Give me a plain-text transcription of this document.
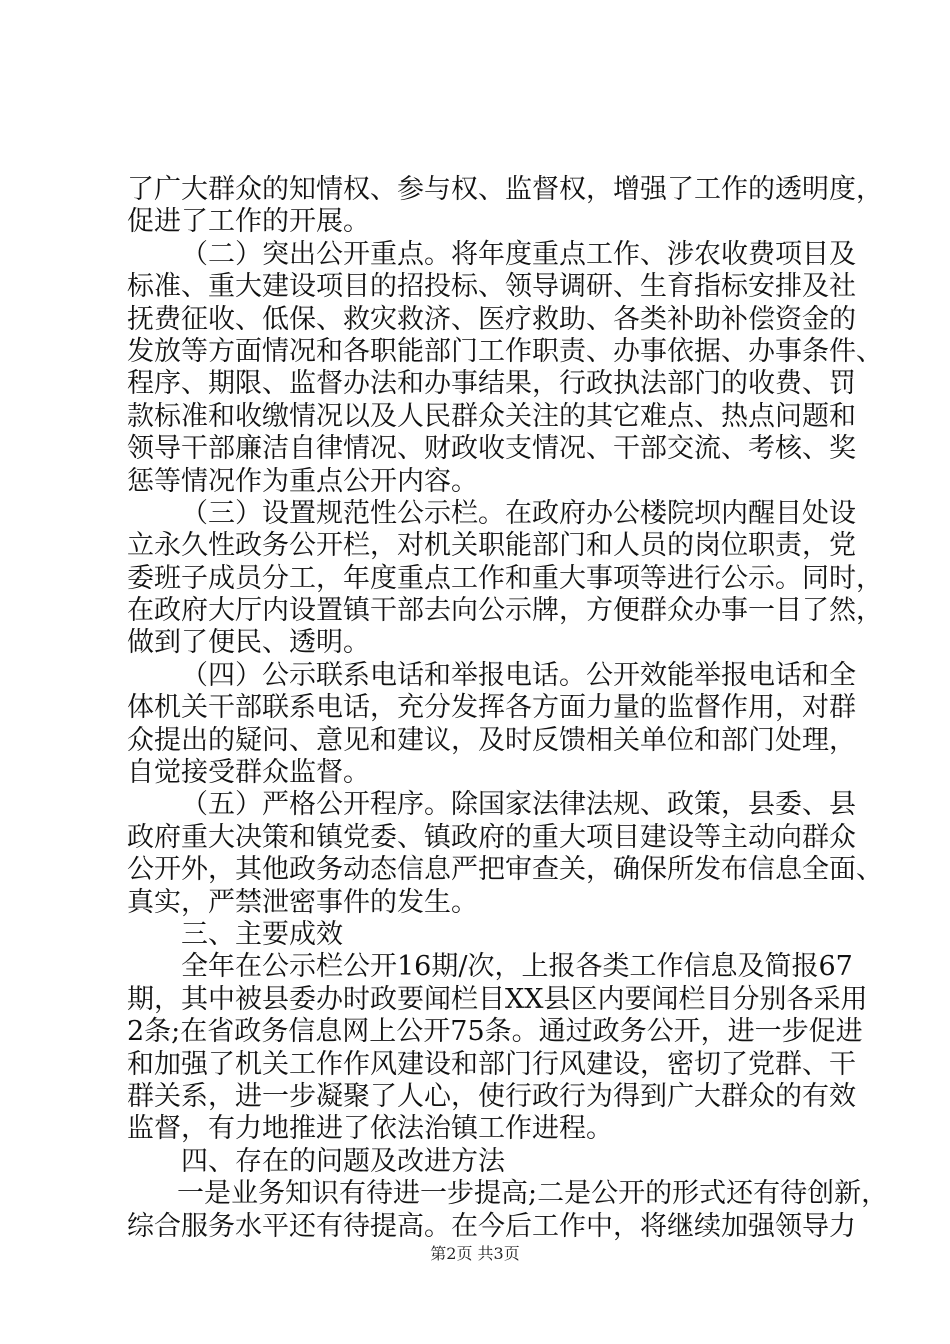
了广大群众的知情权、参与权、监督权，增强了工作的透明度，
促进了工作的开展。
（二）突出公开重点。将年度重点工作、涉农收费项目及
标准、重大建设项目的招投标、领导调研、生育指标安排及社
抚费征收、低保、救灾救济、医疗救助、各类补助补偿资金的
发放等方面情况和各职能部门工作职责、办事依据、办事条件、
程序、期限、监督办法和办事结果，行政执法部门的收费、罚
款标准和收缴情况以及人民群众关注的其它难点、热点问题和
领导干部廉洁自律情况、财政收支情况、干部交流、考核、奖
惩等情况作为重点公开内容。
（三）设置规范性公示栏。在政府办公楼院坝内醒目处设
立永久性政务公开栏，对机关职能部门和人员的岗位职责，党
委班子成员分工，年度重点工作和重大事项等进行公示。同时，
在政府大厅内设置镇干部去向公示牌，方便群众办事一目了然，
做到了便民、透明。
（四）公示联系电话和举报电话。公开效能举报电话和全
体机关干部联系电话，充分发挥各方面力量的监督作用，对群
众提出的疑问、意见和建议，及时反馈相关单位和部门处理，
自觉接受群众监督。
（五）严格公开程序。除国家法律法规、政策，县委、县
政府重大决策和镇党委、镇政府的重大项目建设等主动向群众
公开外，其他政务动态信息严把审查关，确保所发布信息全面、
真实，严禁泄密事件的发生。
三、主要成效
全年在公示栏公开16期/次，上报各类工作信息及简报67
期，其中被县委办时政要闻栏目XX县区内要闻栏目分别各采用
2条;在省政务信息网上公开75条。通过政务公开，进一步促进
和加强了机关工作作风建设和部门行风建设，密切了党群、干
群关系，进一步凝聚了人心，使行政行为得到广大群众的有效
监督，有力地推进了依法治镇工作进程。
四、存在的问题及改进方法
一是业务知识有待进一步提高;二是公开的形式还有待创新，
综合服务水平还有待提高。在今后工作中，将继续加强领导力
第2页 共3页
